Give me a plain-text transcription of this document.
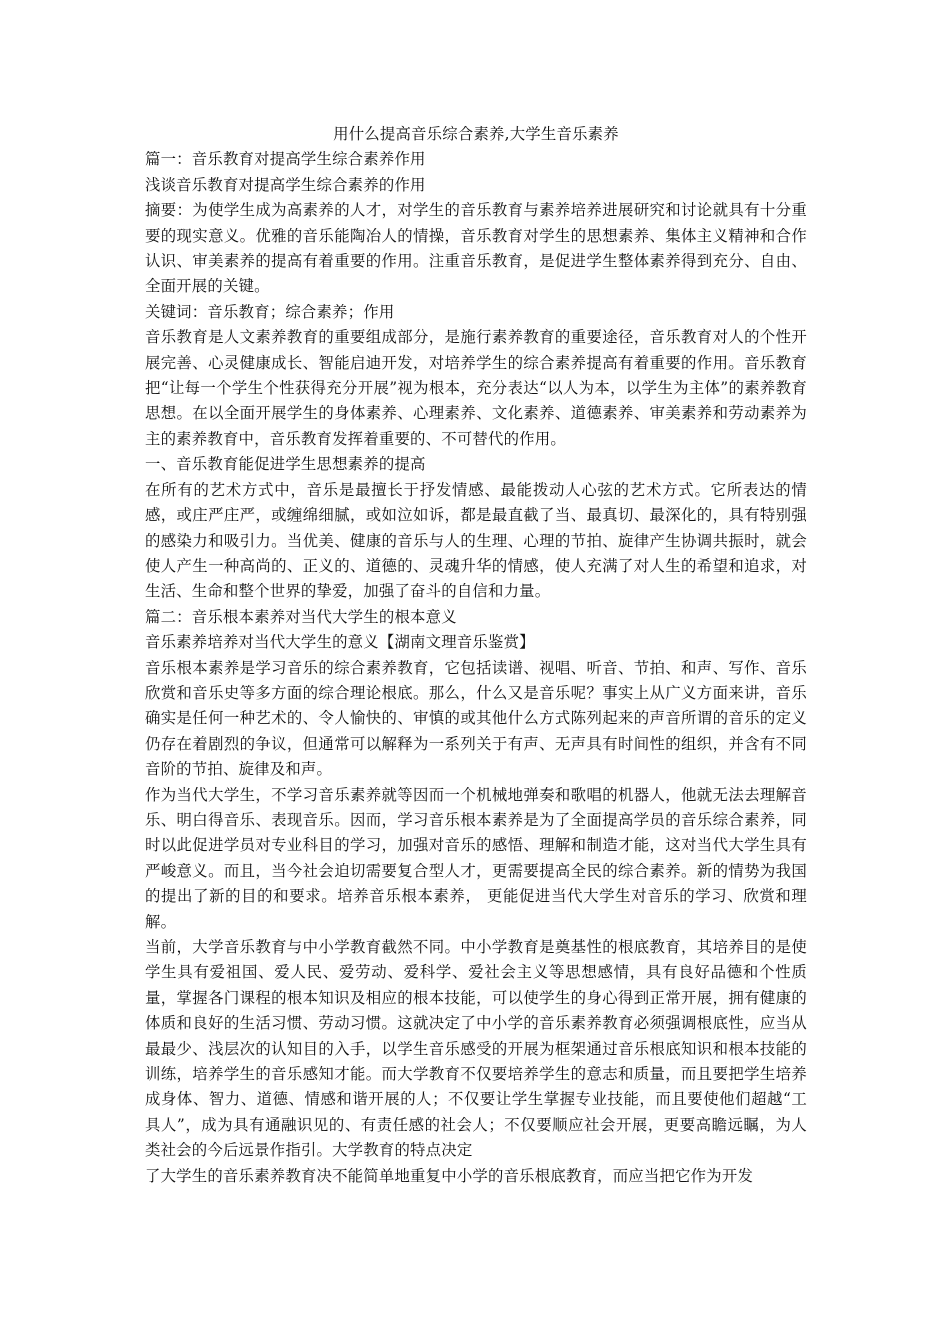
用什么提高音乐综合素养,大学生音乐素养

篇一：音乐教育对提高学生综合素养作用

浅谈音乐教育对提高学生综合素养的作用

摘要：为使学生成为高素养的人才，对学生的音乐教育与素养培养进展研究和讨论就具有十分重要的现实意义。优雅的音乐能陶冶人的情操，音乐教育对学生的思想素养、集体主义精神和合作认识、审美素养的提高有着重要的作用。注重音乐教育，是促进学生整体素养得到充分、自由、全面开展的关键。

关键词：音乐教育；综合素养；作用

音乐教育是人文素养教育的重要组成部分，是施行素养教育的重要途径，音乐教育对人的个性开展完善、心灵健康成长、智能启迪开发，对培养学生的综合素养提高有着重要的作用。音乐教育把“让每一个学生个性获得充分开展”视为根本，充分表达“以人为本，以学生为主体”的素养教育思想。在以全面开展学生的身体素养、心理素养、文化素养、道德素养、审美素养和劳动素养为主的素养教育中，音乐教育发挥着重要的、不可替代的作用。

一、音乐教育能促进学生思想素养的提高

在所有的艺术方式中，音乐是最擅长于抒发情感、最能拨动人心弦的艺术方式。它所表达的情感，或庄严庄严，或缠绵细腻，或如泣如诉，都是最直截了当、最真切、最深化的，具有特别强的感染力和吸引力。当优美、健康的音乐与人的生理、心理的节拍、旋律产生协调共振时，就会使人产生一种高尚的、正义的、道德的、灵魂升华的情感，使人充满了对人生的希望和追求，对生活、生命和整个世界的挚爱，加强了奋斗的自信和力量。

篇二：音乐根本素养对当代大学生的根本意义

音乐素养培养对当代大学生的意义【湖南文理音乐鉴赏】

音乐根本素养是学习音乐的综合素养教育，它包括读谱、视唱、听音、节拍、和声、写作、音乐欣赏和音乐史等多方面的综合理论根底。那么，什么又是音乐呢？事实上从广义方面来讲，音乐确实是任何一种艺术的、令人愉快的、审慎的或其他什么方式陈列起来的声音所谓的音乐的定义仍存在着剧烈的争议，但通常可以解释为一系列关于有声、无声具有时间性的组织，并含有不同音阶的节拍、旋律及和声。

作为当代大学生，不学习音乐素养就等因而一个机械地弹奏和歌唱的机器人，他就无法去理解音乐、明白得音乐、表现音乐。因而，学习音乐根本素养是为了全面提高学员的音乐综合素养，同时以此促进学员对专业科目的学习，加强对音乐的感悟、理解和制造才能，这对当代大学生具有严峻意义。而且，当今社会迫切需要复合型人才，更需要提高全民的综合素养。新的情势为我国的提出了新的目的和要求。培养音乐根本素养， 更能促进当代大学生对音乐的学习、欣赏和理解。

当前，大学音乐教育与中小学教育截然不同。中小学教育是奠基性的根底教育，其培养目的是使学生具有爱祖国、爱人民、爱劳动、爱科学、爱社会主义等思想感情，具有良好品德和个性质量，掌握各门课程的根本知识及相应的根本技能，可以使学生的身心得到正常开展，拥有健康的体质和良好的生活习惯、劳动习惯。这就决定了中小学的音乐素养教育必须强调根底性，应当从最最少、浅层次的认知目的入手，以学生音乐感受的开展为框架通过音乐根底知识和根本技能的训练，培养学生的音乐感知才能。而大学教育不仅要培养学生的意志和质量，而且要把学生培养成身体、智力、道德、情感和谐开展的人；不仅要让学生掌握专业技能，而且要使他们超越“工具人”，成为具有通融识见的、有责任感的社会人；不仅要顺应社会开展，更要高瞻远瞩，为人类社会的今后远景作指引。大学教育的特点决定

了大学生的音乐素养教育决不能简单地重复中小学的音乐根底教育，而应当把它作为开发
